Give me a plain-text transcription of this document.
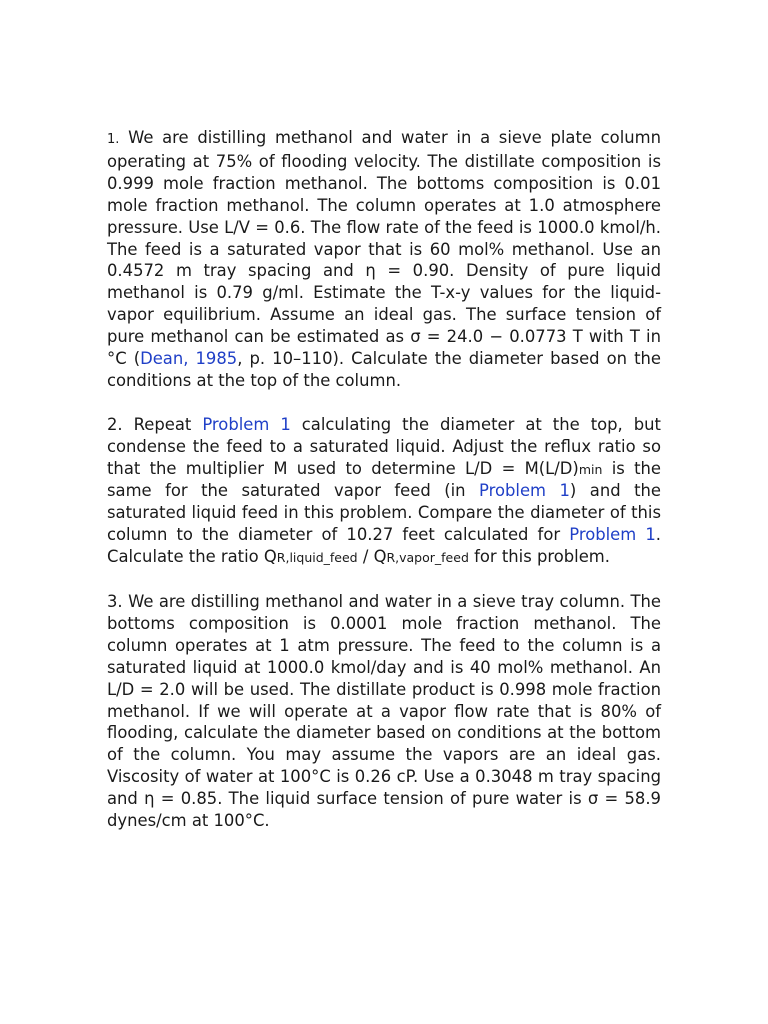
1. We are distilling methanol and water in a sieve plate column operating at 75% of flooding velocity. The distillate composition is 0.999 mole fraction methanol. The bottoms composition is 0.01 mole fraction methanol. The column operates at 1.0 atmosphere pressure. Use L/V = 0.6. The flow rate of the feed is 1000.0 kmol/h. The feed is a saturated vapor that is 60 mol% methanol. Use an 0.4572 m tray spacing and η = 0.90. Density of pure liquid methanol is 0.79 g/ml. Estimate the T-x-y values for the liquid-vapor equilibrium. Assume an ideal gas. The surface tension of pure methanol can be estimated as σ = 24.0 − 0.0773 T with T in °C (Dean, 1985, p. 10–110). Calculate the diameter based on the conditions at the top of the column.

2. Repeat Problem 1 calculating the diameter at the top, but condense the feed to a saturated liquid. Adjust the reflux ratio so that the multiplier M used to determine L/D = M(L/D)min is the same for the saturated vapor feed (in Problem 1) and the saturated liquid feed in this problem. Compare the diameter of this column to the diameter of 10.27 feet calculated for Problem 1. Calculate the ratio QR,liquid_feed / QR,vapor_feed for this problem.

3. We are distilling methanol and water in a sieve tray column. The bottoms composition is 0.0001 mole fraction methanol. The column operates at 1 atm pressure. The feed to the column is a saturated liquid at 1000.0 kmol/day and is 40 mol% methanol. An L/D = 2.0 will be used. The distillate product is 0.998 mole fraction methanol. If we will operate at a vapor flow rate that is 80% of flooding, calculate the diameter based on conditions at the bottom of the column. You may assume the vapors are an ideal gas. Viscosity of water at 100°C is 0.26 cP. Use a 0.3048 m tray spacing and η = 0.85. The liquid surface tension of pure water is σ = 58.9 dynes/cm at 100°C.
